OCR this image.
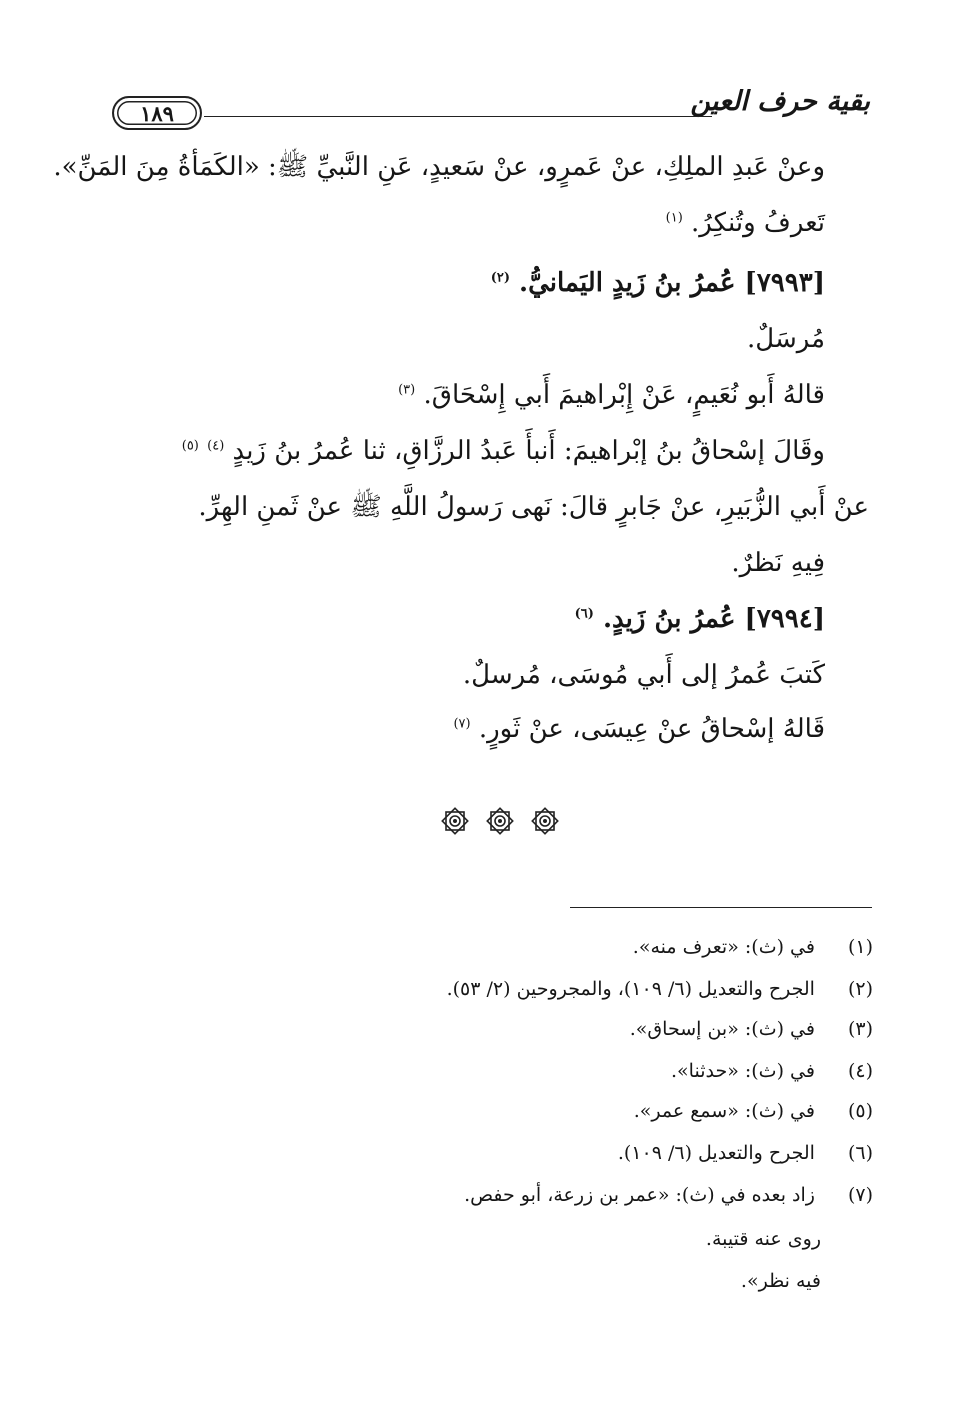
بقية حرف العين
١٨٩
وعنْ عَبدِ الملِكِ، عنْ عَمرٍو، عنْ سَعيدٍ، عَنِ النَّبيِّ ﷺ: «الكَمَأةُ مِنَ المَنِّ».
تَعرفُ وتُنكِرُ. $^{(١)}$
[٧٩٩٣] عُمرُ بنُ زَيدٍ اليَمانيُّ. $^{(٢)}$
مُرسَلٌ.
قالهُ أَبو نُعَيمٍ، عَنْ إِبْراهيمَ أَبي إِسْحَاقَ. $^{(٣)}$
وقَالَ إسْحاقُ بنُ إبْراهيمَ: أَنبأَ عَبدُ الرزَّاقِ، ثنا عُمرُ بنُ زَيدٍ $^{(٤)}$ $^{(٥)}$
عنْ أَبي الزُّبَيرِ، عنْ جَابرٍ قالَ: نَهى رَسولُ اللَّهِ ﷺ عنْ ثَمنِ الهِرِّ.
فِيهِ نَظرٌ.
[٧٩٩٤] عُمرُ بنُ زَيدٍ. $^{(٦)}$
كَتبَ عُمرُ إلى أَبي مُوسَى، مُرسلٌ.
قَالهُ إسْحاقُ عنْ عِيسَى، عنْ ثَورٍ. $^{(٧)}$
(١) في (ث): «تعرف منه».
(٢) الجرح والتعديل (٦/ ١٠٩)، والمجروحين (٢/ ٥٣).
(٣) في (ث): «بن إسحاق».
(٤) في (ث): «حدثنا».
(٥) في (ث): «سمع عمر».
(٦) الجرح والتعديل (٦/ ١٠٩).
(٧) زاد بعده في (ث): «عمر بن زرعة، أبو حفص.
روى عنه قتيبة.
فيه نظر».
